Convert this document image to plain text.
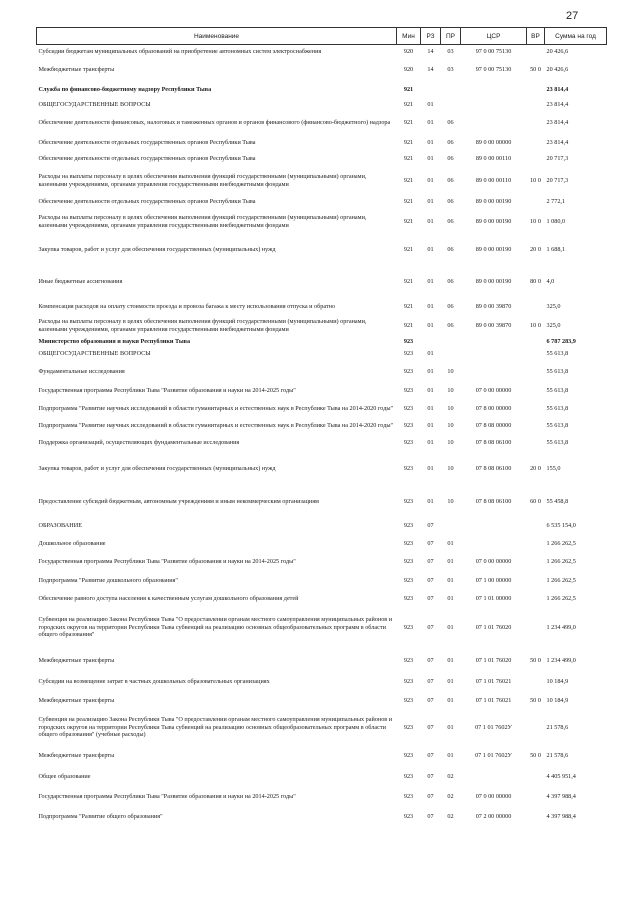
27
Наименование	Мин	РЗ	ПР	ЦСР	ВР	Сумма на год
Субсидии бюджетам муниципальных образований на приобретение автономных систем электроснабжения	920	14	03	97 0 00 75130		20 426,6
Межбюджетные трансферты	920	14	03	97 0 00 75130	50 0	20 426,6
Служба по финансово-бюджетному надзору Республики Тыва	921					23 814,4
ОБЩЕГОСУДАРСТВЕННЫЕ ВОПРОСЫ	921	01				23 814,4
Обеспечение деятельности финансовых, налоговых и таможенных органов и органов финансового (финансово-бюджетного) надзора	921	01	06			23 814,4
Обеспечение деятельности отдельных государственных органов Республики Тыва	921	01	06	89 0 00 00000		23 814,4
Обеспечение деятельности отдельных государственных органов Республики Тыва	921	01	06	89 0 00 00110		20 717,3
Расходы на выплаты персоналу в целях обеспечения выполнения функций государственными (муниципальными) органами, казенными учреждениями, органами управления государственными внебюджетными фондами	921	01	06	89 0 00 00110	10 0	20 717,3
Обеспечение деятельности отдельных государственных органов Республики Тыва	921	01	06	89 0 00 00190		2 772,1
Расходы на выплаты персоналу в целях обеспечения выполнения функций государственными (муниципальными) органами, казенными учреждениями, органами управления государственными внебюджетными фондами	921	01	06	89 0 00 00190	10 0	1 080,0
Закупка товаров, работ и услуг для обеспечения государственных (муниципальных) нужд	921	01	06	89 0 00 00190	20 0	1 688,1
Иные бюджетные ассигнования	921	01	06	89 0 00 00190	80 0	4,0
Компенсация расходов на оплату стоимости проезда и провоза багажа к месту использования отпуска и обратно	921	01	06	89 0 00 39870		325,0
Расходы на выплаты персоналу в целях обеспечения выполнения функций государственными (муниципальными) органами, казенными учреждениями, органами управления государственными внебюджетными фондами	921	01	06	89 0 00 39870	10 0	325,0
Министерство образования и науки Республики Тыва	923					6 787 283,9
ОБЩЕГОСУДАРСТВЕННЫЕ ВОПРОСЫ	923	01				55 613,8
Фундаментальные исследования	923	01	10			55 613,8
Государственная программа Республики Тыва "Развитие образования и науки на 2014-2025 годы"	923	01	10	07 0 00 00000		55 613,8
Подпрограмма "Развитие научных исследований в области гуманитарных и естественных наук в Республике Тыва на 2014-2020 годы"	923	01	10	07 8 00 00000		55 613,8
Подпрограмма "Развитие научных исследований в области гуманитарных и естественных наук в Республике Тыва на 2014-2020 годы"	923	01	10	07 8 08 00000		55 613,8
Поддержка организаций, осуществляющих фундаментальные исследования	923	01	10	07 8 08 06100		55 613,8
Закупка товаров, работ и услуг для обеспечения государственных (муниципальных) нужд	923	01	10	07 8 08 06100	20 0	155,0
Предоставление субсидий бюджетным, автономным учреждениям и иным некоммерческим организациям	923	01	10	07 8 08 06100	60 0	55 458,8
ОБРАЗОВАНИЕ	923	07				6 535 154,0
Дошкольное образование	923	07	01			1 266 262,5
Государственная программа Республики Тыва "Развитие образования и науки на 2014-2025 годы"	923	07	01	07 0 00 00000		1 266 262,5
Подпрограмма "Развитие дошкольного образования"	923	07	01	07 1 00 00000		1 266 262,5
Обеспечение равного доступа населения к качественным услугам дошкольного образования детей	923	07	01	07 1 01 00000		1 266 262,5
Субвенция на реализацию Закона Республики Тыва "О предоставлении органам местного самоуправления муниципальных районов и городских округов на территории Республики Тыва субвенций на реализацию основных общеобразовательных программ в области общего образования"	923	07	01	07 1 01 76020		1 234 499,0
Межбюджетные трансферты	923	07	01	07 1 01 76020	50 0	1 234 499,0
Субсидии на возмещение затрат в частных дошкольных образовательных организациях	923	07	01	07 1 01 76021		10 184,9
Межбюджетные трансферты	923	07	01	07 1 01 76021	50 0	10 184,9
Субвенция на реализацию Закона Республики Тыва "О предоставлении органам местного самоуправления муниципальных районов и городских округов на территории Республики Тыва субвенций на реализацию основных общеобразовательных программ в области общего образования" (учебные расходы)	923	07	01	07 1 01 7602У		21 578,6
Межбюджетные трансферты	923	07	01	07 1 01 7602У	50 0	21 578,6
Общее образование	923	07	02			4 405 951,4
Государственная программа Республики Тыва "Развитие образования и науки на 2014-2025 годы"	923	07	02	07 0 00 00000		4 397 988,4
Подпрограмма "Развитие общего образования"	923	07	02	07 2 00 00000		4 397 988,4
